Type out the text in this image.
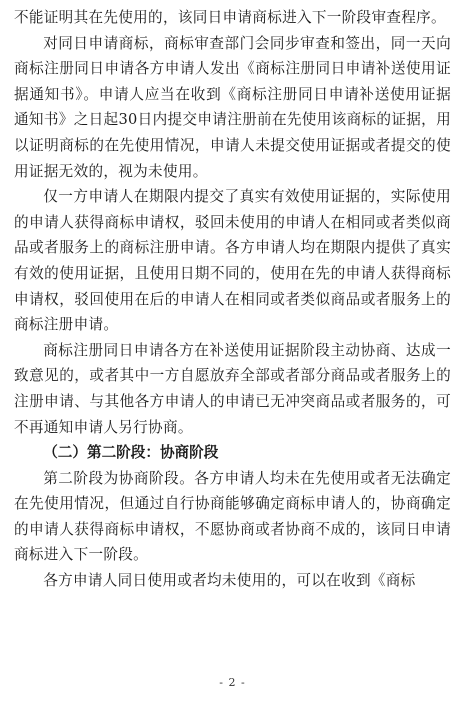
不能证明其在先使用的，该同日申请商标进入下一阶段审查程序。

对同日申请商标，商标审查部门会同步审查和签出，同一天向商标注册同日申请各方申请人发出《商标注册同日申请补送使用证据通知书》。申请人应当在收到《商标注册同日申请补送使用证据通知书》之日起30日内提交申请注册前在先使用该商标的证据，用以证明商标的在先使用情况，申请人未提交使用证据或者提交的使用证据无效的，视为未使用。

仅一方申请人在期限内提交了真实有效使用证据的，实际使用的申请人获得商标申请权，驳回未使用的申请人在相同或者类似商品或者服务上的商标注册申请。各方申请人均在期限内提供了真实有效的使用证据，且使用日期不同的，使用在先的申请人获得商标申请权，驳回使用在后的申请人在相同或者类似商品或者服务上的商标注册申请。

商标注册同日申请各方在补送使用证据阶段主动协商、达成一致意见的，或者其中一方自愿放弃全部或者部分商品或者服务上的注册申请、与其他各方申请人的申请已无冲突商品或者服务的，可不再通知申请人另行协商。

（二）第二阶段：协商阶段

第二阶段为协商阶段。各方申请人均未在先使用或者无法确定在先使用情况，但通过自行协商能够确定商标申请人的，协商确定的申请人获得商标申请权，不愿协商或者协商不成的，该同日申请商标进入下一阶段。

各方申请人同日使用或者均未使用的，可以在收到《商标

- 2 -
